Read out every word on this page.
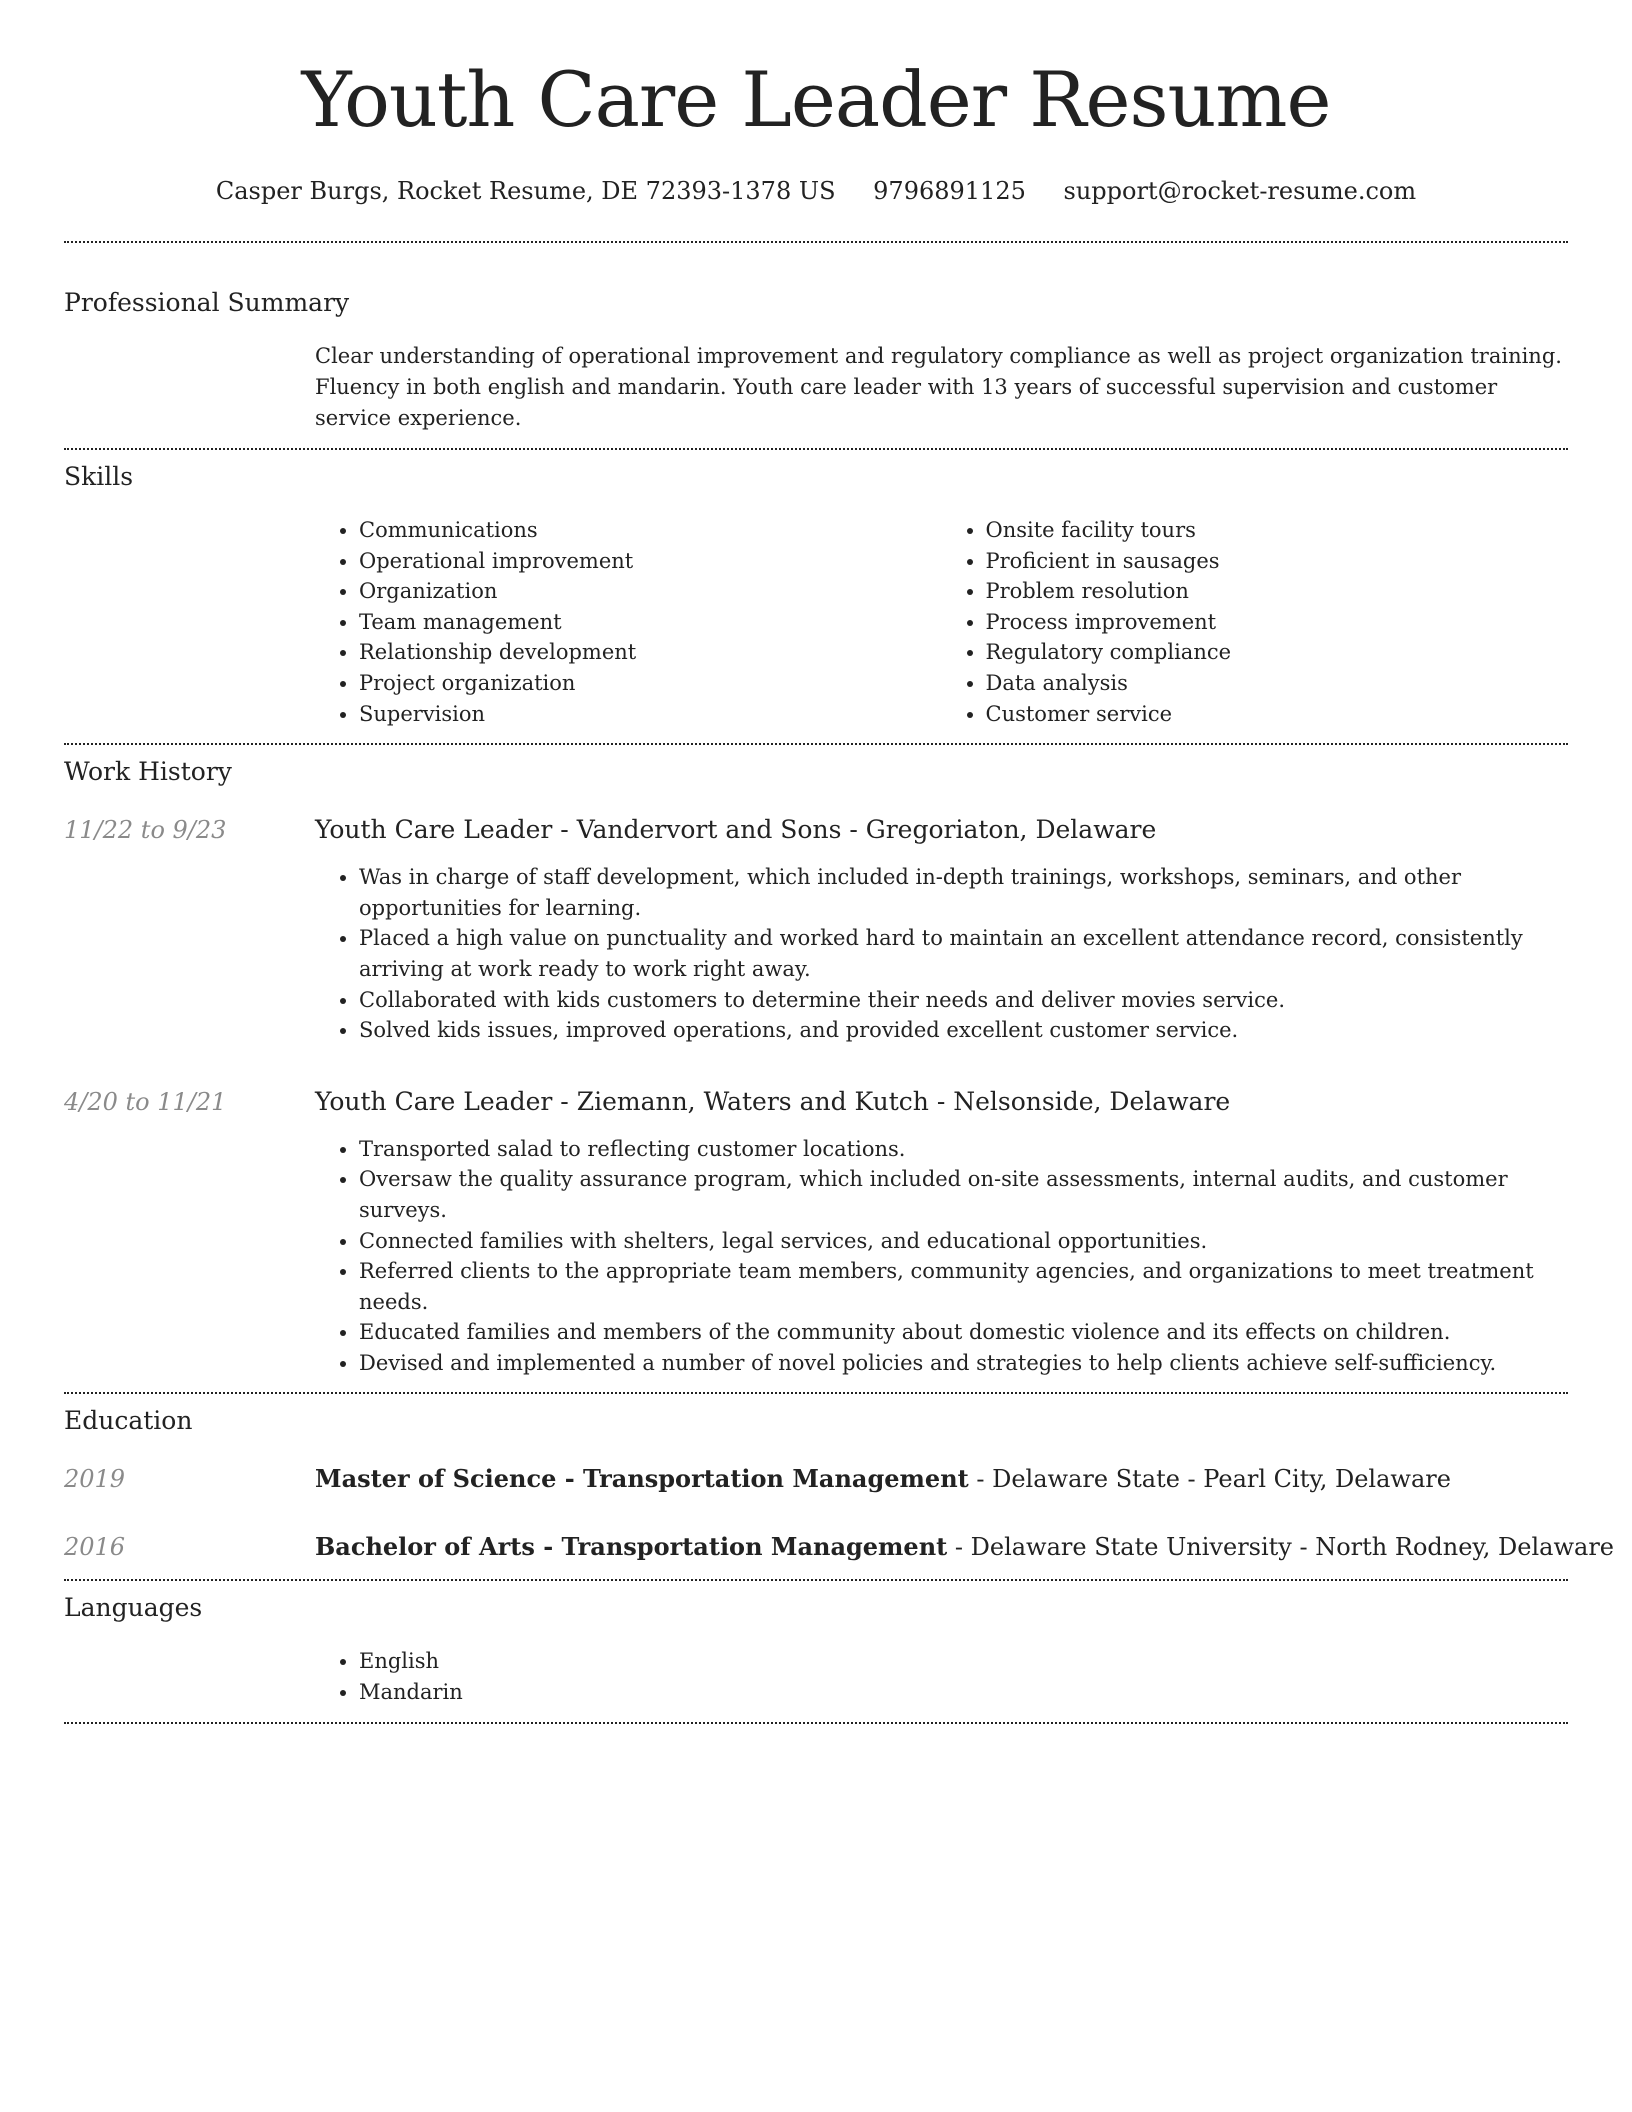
Youth Care Leader Resume
Casper Burgs, Rocket Resume, DE 72393-1378 US 9796891125 support@rocket-resume.com
Professional Summary
Clear understanding of operational improvement and regulatory compliance as well as project organization training. Fluency in both english and mandarin. Youth care leader with 13 years of successful supervision and customer service experience.
Skills
• Communications
• Operational improvement
• Organization
• Team management
• Relationship development
• Project organization
• Supervision
• Onsite facility tours
• Proficient in sausages
• Problem resolution
• Process improvement
• Regulatory compliance
• Data analysis
• Customer service
Work History
11/22 to 9/23	Youth Care Leader - Vandervort and Sons - Gregoriaton, Delaware
• Was in charge of staff development, which included in-depth trainings, workshops, seminars, and other opportunities for learning.
• Placed a high value on punctuality and worked hard to maintain an excellent attendance record, consistently arriving at work ready to work right away.
• Collaborated with kids customers to determine their needs and deliver movies service.
• Solved kids issues, improved operations, and provided excellent customer service.
4/20 to 11/21	Youth Care Leader - Ziemann, Waters and Kutch - Nelsonside, Delaware
• Transported salad to reflecting customer locations.
• Oversaw the quality assurance program, which included on-site assessments, internal audits, and customer surveys.
• Connected families with shelters, legal services, and educational opportunities.
• Referred clients to the appropriate team members, community agencies, and organizations to meet treatment needs.
• Educated families and members of the community about domestic violence and its effects on children.
• Devised and implemented a number of novel policies and strategies to help clients achieve self-sufficiency.
Education
2019	Master of Science - Transportation Management - Delaware State - Pearl City, Delaware
2016	Bachelor of Arts - Transportation Management - Delaware State University - North Rodney, Delaware
Languages
• English
• Mandarin
